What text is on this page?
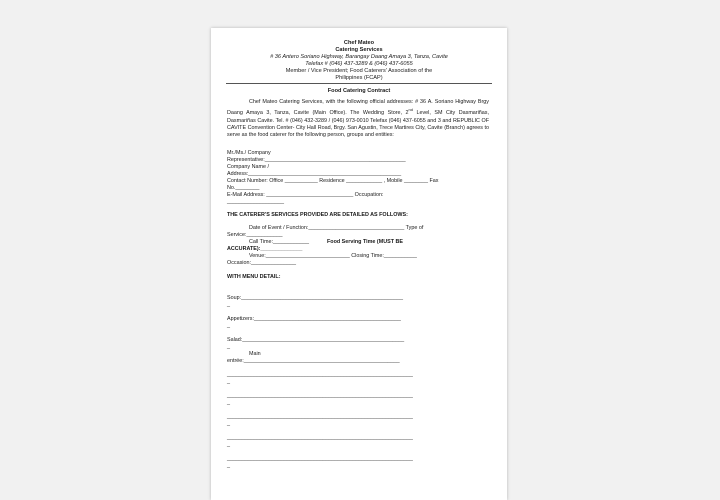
Chef Mateo
Catering Services
# 36 Antero Soriano Highway, Barangay Daang Amaya 3, Tanza, Cavite
Telefax # (046) 437-3289 & (046) 437-6055
Member / Vice President; Food Caterers' Association of the
Philippines (FCAP)
Food Catering Contract
Chef Mateo Catering Services, with the following official addresses: # 36 A. Soriano Highway Brgy Daang Amaya 3, Tanza, Cavite (Main Office). The Wedding Store, 2nd Level, SM City Dasmariñas, Dasmariñas Cavite. Tel. # (046) 432-3289 / (046) 973-0010 Telefax (046) 437-6055 and 3 and REPUBLIC OF CAVITE Convention Center- City Hall Road, Brgy. San Agustin, Trece Martires City, Cavite (Branch) agrees to serve as the food caterer for the following person, groups and entities:
Mr./Ms./ Company
Representative:_______________________________________________
Company Name /
Address:___________________________________________________
Contact Number: Office ___________ Residence ____________ , Mobile ________ Fax
No.________
E-Mail Address: _____________________________ Occupation:
___________________
THE CATERER'S SERVICES PROVIDED ARE DETAILED AS FOLLOWS:
Date of Event / Function:________________________________ Type of
Service:____________
Call Time:____________	Food Serving Time (MUST BE
ACCURATE):______________
Venue:____________________________ Closing Time:___________
Occasion:_______________
WITH MENU DETAIL:
Soup:______________________________________________________
_
Appetizers:_________________________________________________
_
Salad:______________________________________________________
_
Main
entrée:____________________________________________________
______________________________________________________________
_
______________________________________________________________
_
______________________________________________________________
_
______________________________________________________________
_
______________________________________________________________
_
